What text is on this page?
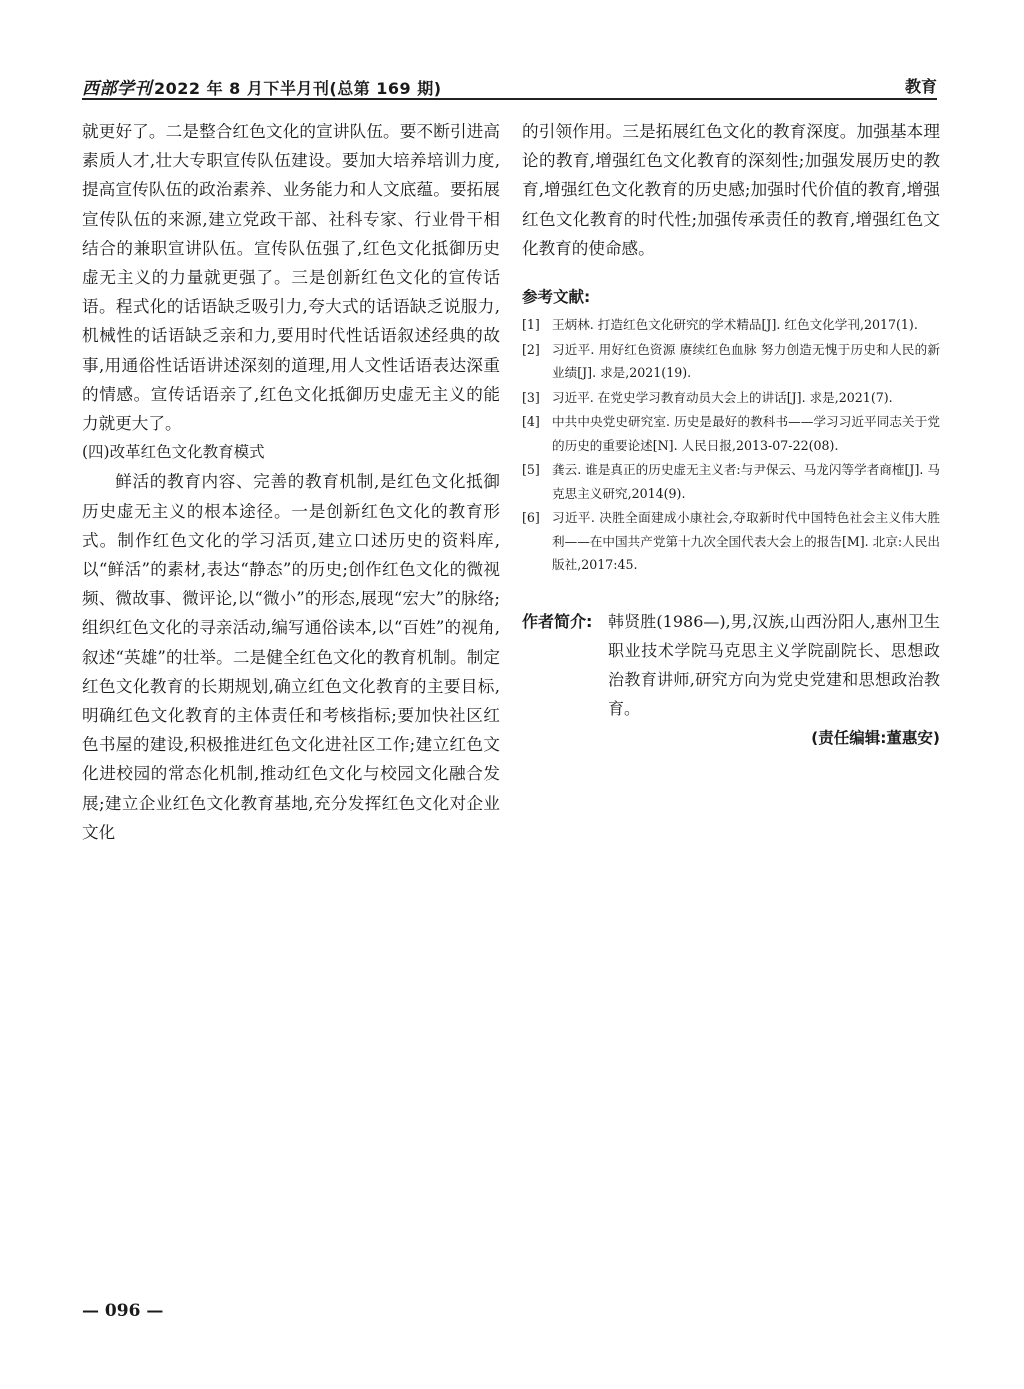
西部学刊 2022 年 8 月下半月刊(总第 169 期)	教育

就更好了。二是整合红色文化的宣讲队伍。要不断引进高素质人才,壮大专职宣传队伍建设。要加大培养培训力度,提高宣传队伍的政治素养、业务能力和人文底蕴。要拓展宣传队伍的来源,建立党政干部、社科专家、行业骨干相结合的兼职宣讲队伍。宣传队伍强了,红色文化抵御历史虚无主义的力量就更强了。三是创新红色文化的宣传话语。程式化的话语缺乏吸引力,夸大式的话语缺乏说服力,机械性的话语缺乏亲和力,要用时代性话语叙述经典的故事,用通俗性话语讲述深刻的道理,用人文性话语表达深重的情感。宣传话语亲了,红色文化抵御历史虚无主义的能力就更大了。

(四)改革红色文化教育模式

鲜活的教育内容、完善的教育机制,是红色文化抵御历史虚无主义的根本途径。一是创新红色文化的教育形式。制作红色文化的学习活页,建立口述历史的资料库,以“鲜活”的素材,表达“静态”的历史;创作红色文化的微视频、微故事、微评论,以“微小”的形态,展现“宏大”的脉络;组织红色文化的寻亲活动,编写通俗读本,以“百姓”的视角,叙述“英雄”的壮举。二是健全红色文化的教育机制。制定红色文化教育的长期规划,确立红色文化教育的主要目标,明确红色文化教育的主体责任和考核指标;要加快社区红色书屋的建设,积极推进红色文化进社区工作;建立红色文化进校园的常态化机制,推动红色文化与校园文化融合发展;建立企业红色文化教育基地,充分发挥红色文化对企业文化

的引领作用。三是拓展红色文化的教育深度。加强基本理论的教育,增强红色文化教育的深刻性;加强发展历史的教育,增强红色文化教育的历史感;加强时代价值的教育,增强红色文化教育的时代性;加强传承责任的教育,增强红色文化教育的使命感。

参考文献:
[1] 王炳林. 打造红色文化研究的学术精品[J]. 红色文化学刊,2017(1).
[2] 习近平. 用好红色资源 赓续红色血脉 努力创造无愧于历史和人民的新业绩[J]. 求是,2021(19).
[3] 习近平. 在党史学习教育动员大会上的讲话[J]. 求是,2021(7).
[4] 中共中央党史研究室. 历史是最好的教科书——学习习近平同志关于党的历史的重要论述[N]. 人民日报,2013-07-22(08).
[5] 龚云. 谁是真正的历史虚无主义者:与尹保云、马龙闪等学者商榷[J]. 马克思主义研究,2014(9).
[6] 习近平. 决胜全面建成小康社会,夺取新时代中国特色社会主义伟大胜利——在中国共产党第十九次全国代表大会上的报告[M]. 北京:人民出版社,2017:45.
作者简介: 韩贤胜(1986—),男,汉族,山西汾阳人,惠州卫生职业技术学院马克思主义学院副院长、思想政治教育讲师,研究方向为党史党建和思想政治教育。
(责任编辑:董惠安)
— 096 —
